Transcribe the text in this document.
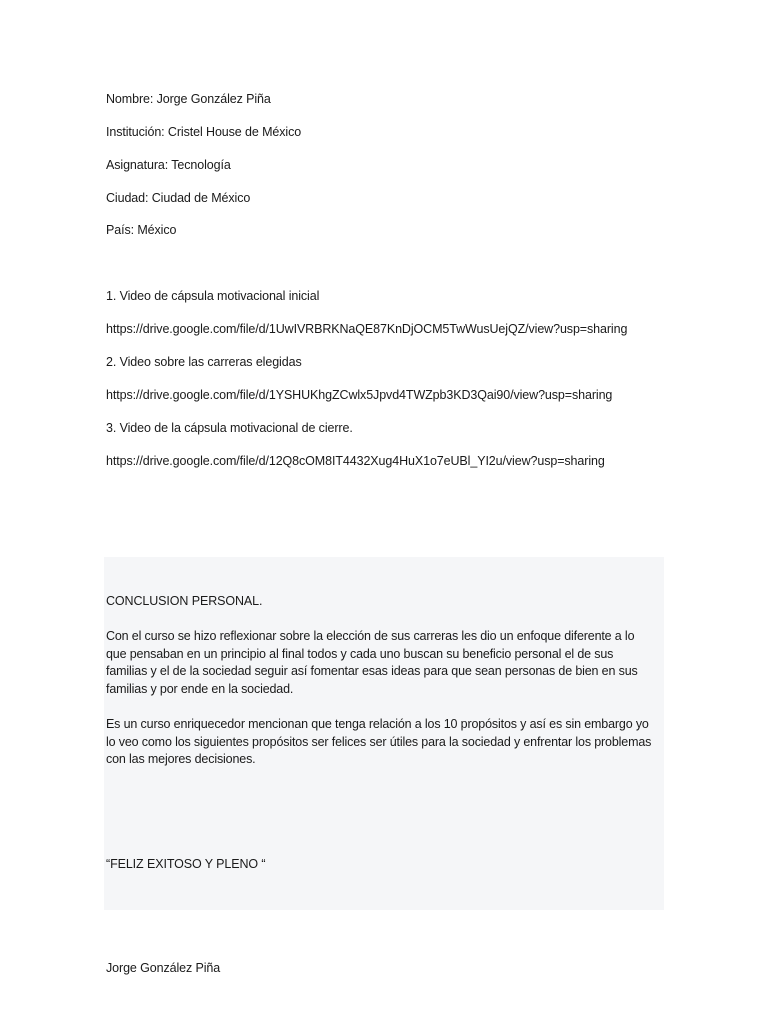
Nombre: Jorge González Piña
Institución: Cristel House de México
Asignatura: Tecnología
Ciudad: Ciudad de México
País: México
1. Video de cápsula motivacional inicial
https://drive.google.com/file/d/1UwIVRBRKNaQE87KnDjOCM5TwWusUejQZ/view?usp=sharing
2. Video sobre las carreras elegidas
https://drive.google.com/file/d/1YSHUKhgZCwlx5Jpvd4TWZpb3KD3Qai90/view?usp=sharing
3. Video de la cápsula motivacional de cierre.
https://drive.google.com/file/d/12Q8cOM8IT4432Xug4HuX1o7eUBl_YI2u/view?usp=sharing
CONCLUSION PERSONAL.
Con el curso se hizo reflexionar sobre la elección de sus carreras les dio un enfoque diferente a lo que pensaban en un principio al final todos y cada uno buscan su beneficio personal el de sus familias y el de la sociedad seguir así fomentar esas ideas para que sean personas de bien en sus familias y por ende en la sociedad.
Es un curso enriquecedor mencionan que tenga relación a los 10 propósitos y así es sin embargo yo lo veo como los siguientes propósitos ser felices ser útiles para la sociedad y enfrentar los problemas con las mejores decisiones.
“FELIZ EXITOSO Y PLENO “
Jorge González Piña
